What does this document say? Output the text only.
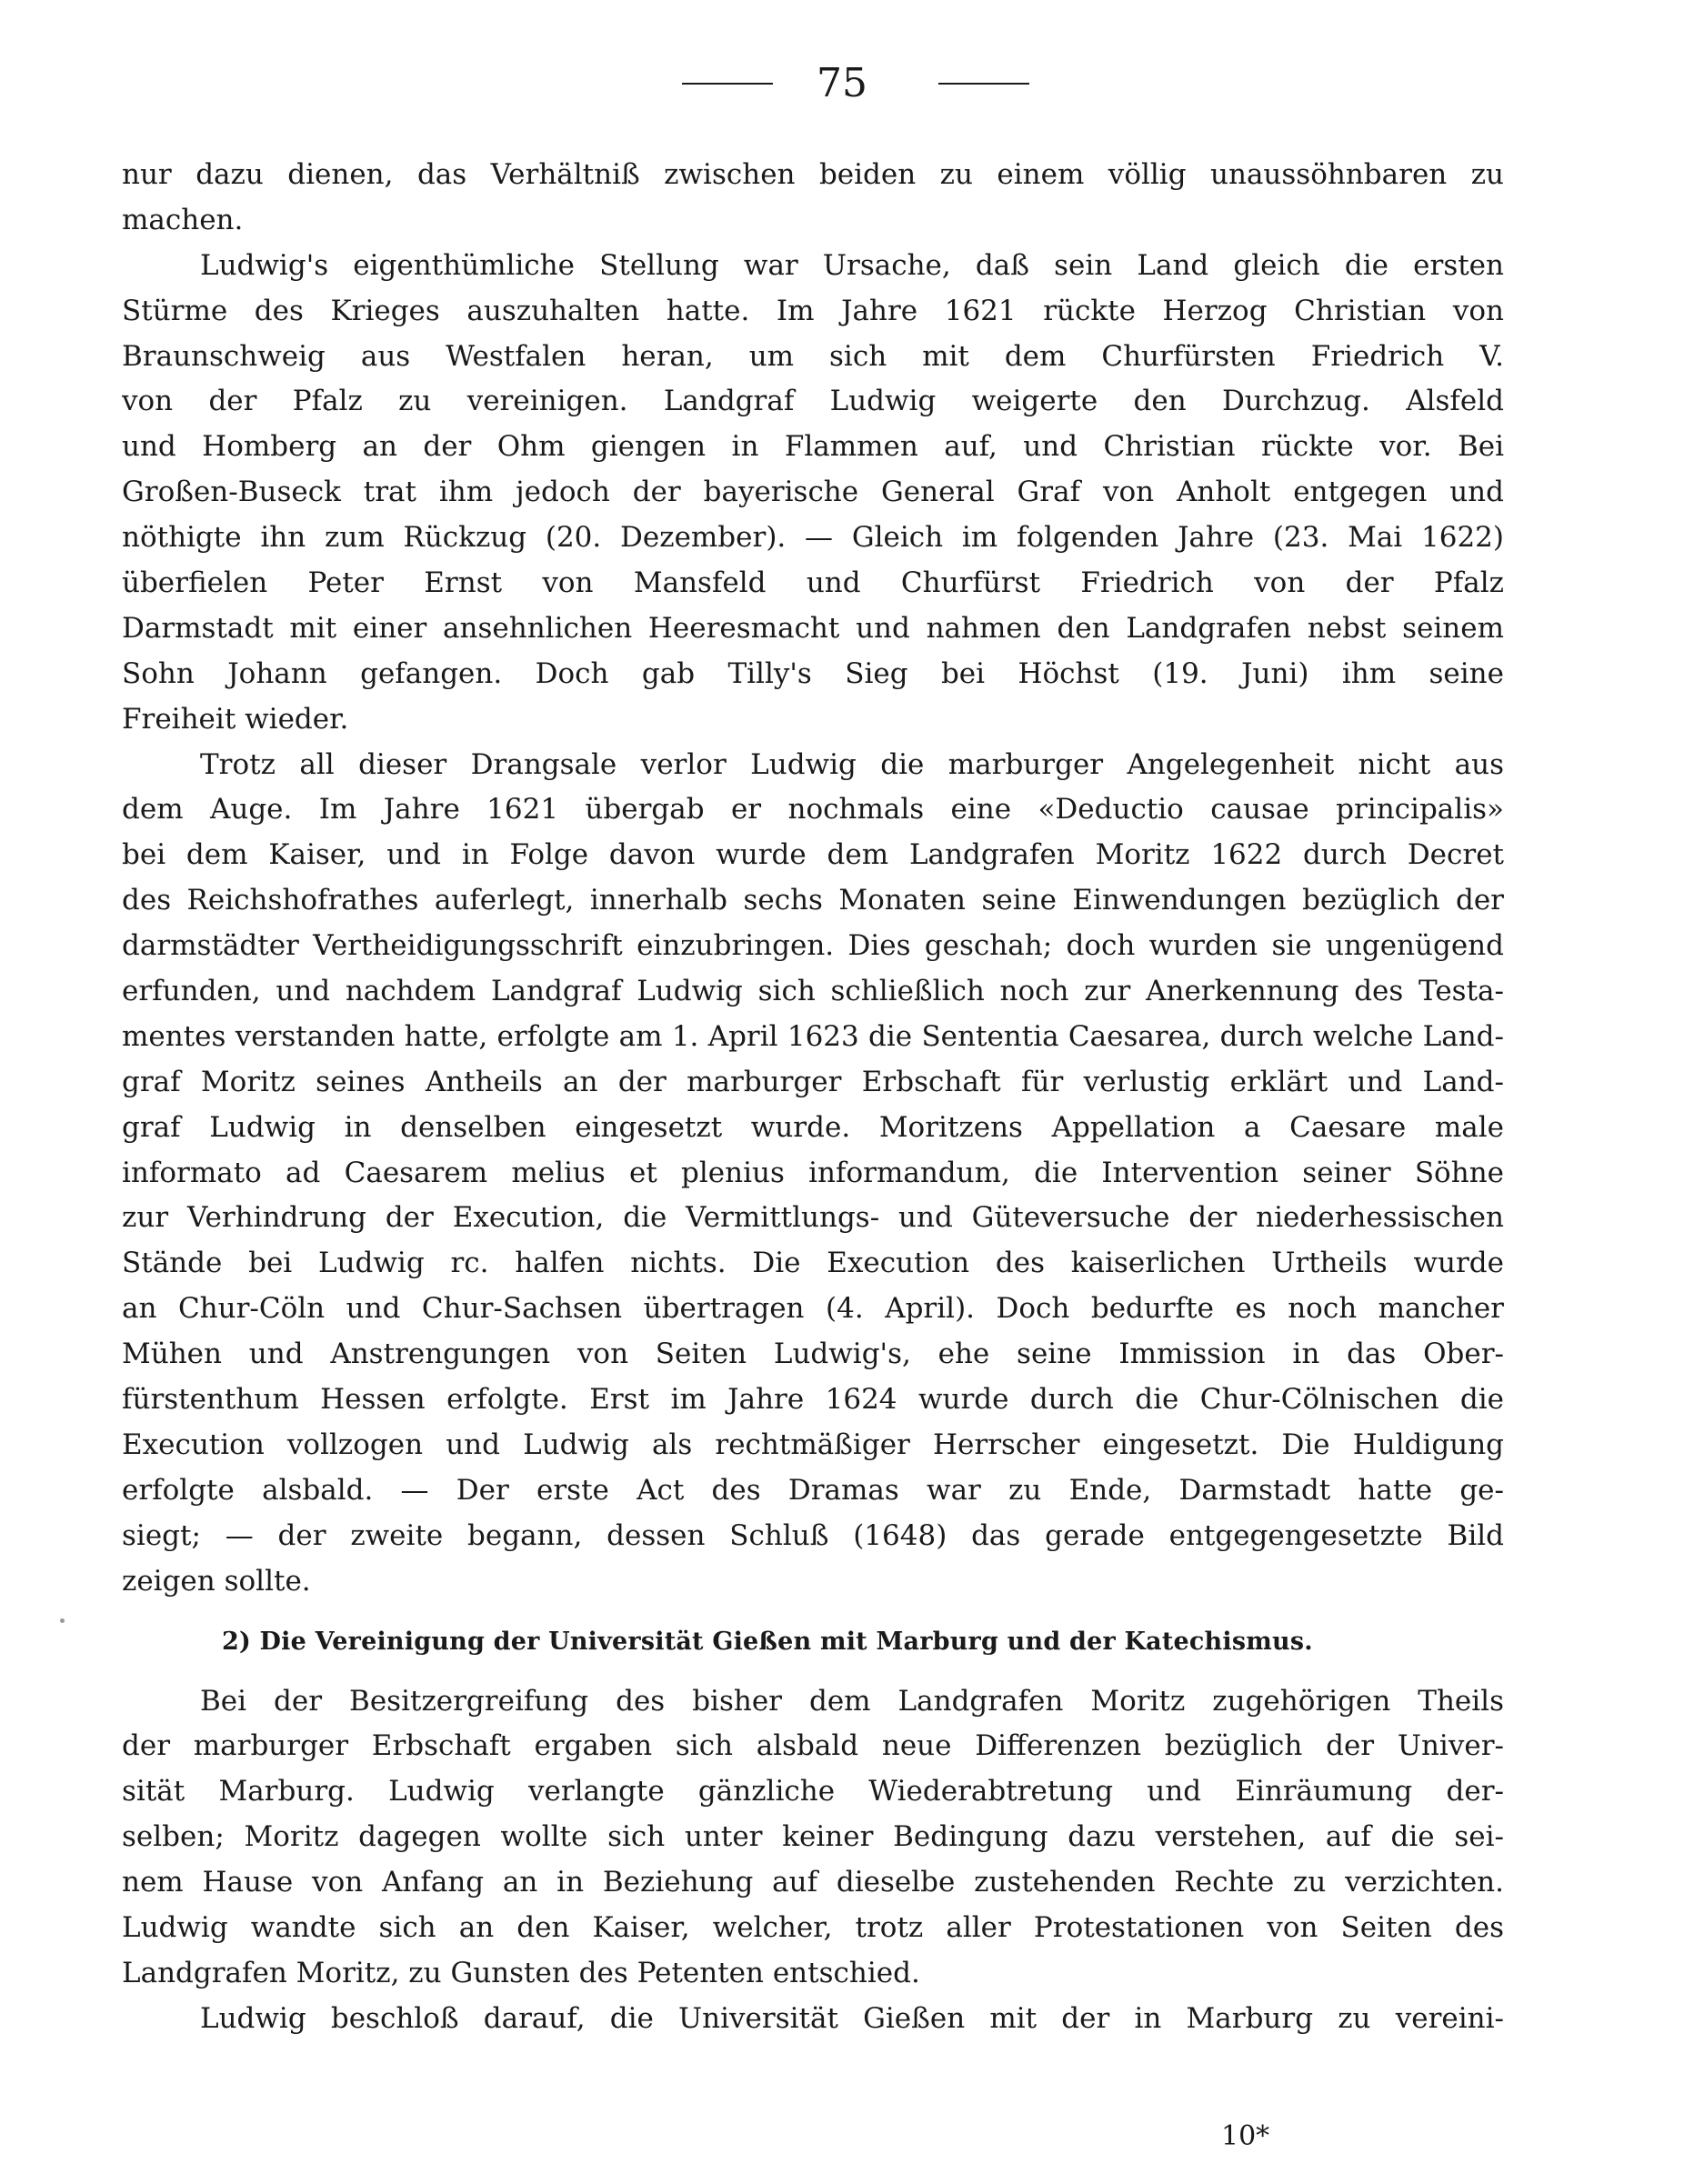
75
nur dazu dienen, das Verhältniß zwischen beiden zu einem völlig unaussöhnbaren zu
machen.
Ludwig's eigenthümliche Stellung war Ursache, daß sein Land gleich die ersten
Stürme des Krieges auszuhalten hatte. Im Jahre 1621 rückte Herzog Christian von
Braunschweig aus Westfalen heran, um sich mit dem Churfürsten Friedrich V.
von der Pfalz zu vereinigen. Landgraf Ludwig weigerte den Durchzug. Alsfeld
und Homberg an der Ohm giengen in Flammen auf, und Christian rückte vor. Bei
Großen-Buseck trat ihm jedoch der bayerische General Graf von Anholt entgegen und
nöthigte ihn zum Rückzug (20. Dezember). — Gleich im folgenden Jahre (23. Mai 1622)
überfielen Peter Ernst von Mansfeld und Churfürst Friedrich von der Pfalz
Darmstadt mit einer ansehnlichen Heeresmacht und nahmen den Landgrafen nebst seinem
Sohn Johann gefangen. Doch gab Tilly's Sieg bei Höchst (19. Juni) ihm seine
Freiheit wieder.
Trotz all dieser Drangsale verlor Ludwig die marburger Angelegenheit nicht aus
dem Auge. Im Jahre 1621 übergab er nochmals eine «Deductio causae principalis»
bei dem Kaiser, und in Folge davon wurde dem Landgrafen Moritz 1622 durch Decret
des Reichshofrathes auferlegt, innerhalb sechs Monaten seine Einwendungen bezüglich der
darmstädter Vertheidigungsschrift einzubringen. Dies geschah; doch wurden sie ungenügend
erfunden, und nachdem Landgraf Ludwig sich schließlich noch zur Anerkennung des Testa-
mentes verstanden hatte, erfolgte am 1. April 1623 die Sententia Caesarea, durch welche Land-
graf Moritz seines Antheils an der marburger Erbschaft für verlustig erklärt und Land-
graf Ludwig in denselben eingesetzt wurde. Moritzens Appellation a Caesare male
informato ad Caesarem melius et plenius informandum, die Intervention seiner Söhne
zur Verhindrung der Execution, die Vermittlungs- und Güteversuche der niederhessischen
Stände bei Ludwig rc. halfen nichts. Die Execution des kaiserlichen Urtheils wurde
an Chur-Cöln und Chur-Sachsen übertragen (4. April). Doch bedurfte es noch mancher
Mühen und Anstrengungen von Seiten Ludwig's, ehe seine Immission in das Ober-
fürstenthum Hessen erfolgte. Erst im Jahre 1624 wurde durch die Chur-Cölnischen die
Execution vollzogen und Ludwig als rechtmäßiger Herrscher eingesetzt. Die Huldigung
erfolgte alsbald. — Der erste Act des Dramas war zu Ende, Darmstadt hatte ge-
siegt; — der zweite begann, dessen Schluß (1648) das gerade entgegengesetzte Bild
zeigen sollte.
2) Die Vereinigung der Universität Gießen mit Marburg und der Katechismus.
Bei der Besitzergreifung des bisher dem Landgrafen Moritz zugehörigen Theils
der marburger Erbschaft ergaben sich alsbald neue Differenzen bezüglich der Univer-
sität Marburg. Ludwig verlangte gänzliche Wiederabtretung und Einräumung der-
selben; Moritz dagegen wollte sich unter keiner Bedingung dazu verstehen, auf die sei-
nem Hause von Anfang an in Beziehung auf dieselbe zustehenden Rechte zu verzichten.
Ludwig wandte sich an den Kaiser, welcher, trotz aller Protestationen von Seiten des
Landgrafen Moritz, zu Gunsten des Petenten entschied.
Ludwig beschloß darauf, die Universität Gießen mit der in Marburg zu vereini-
10*
